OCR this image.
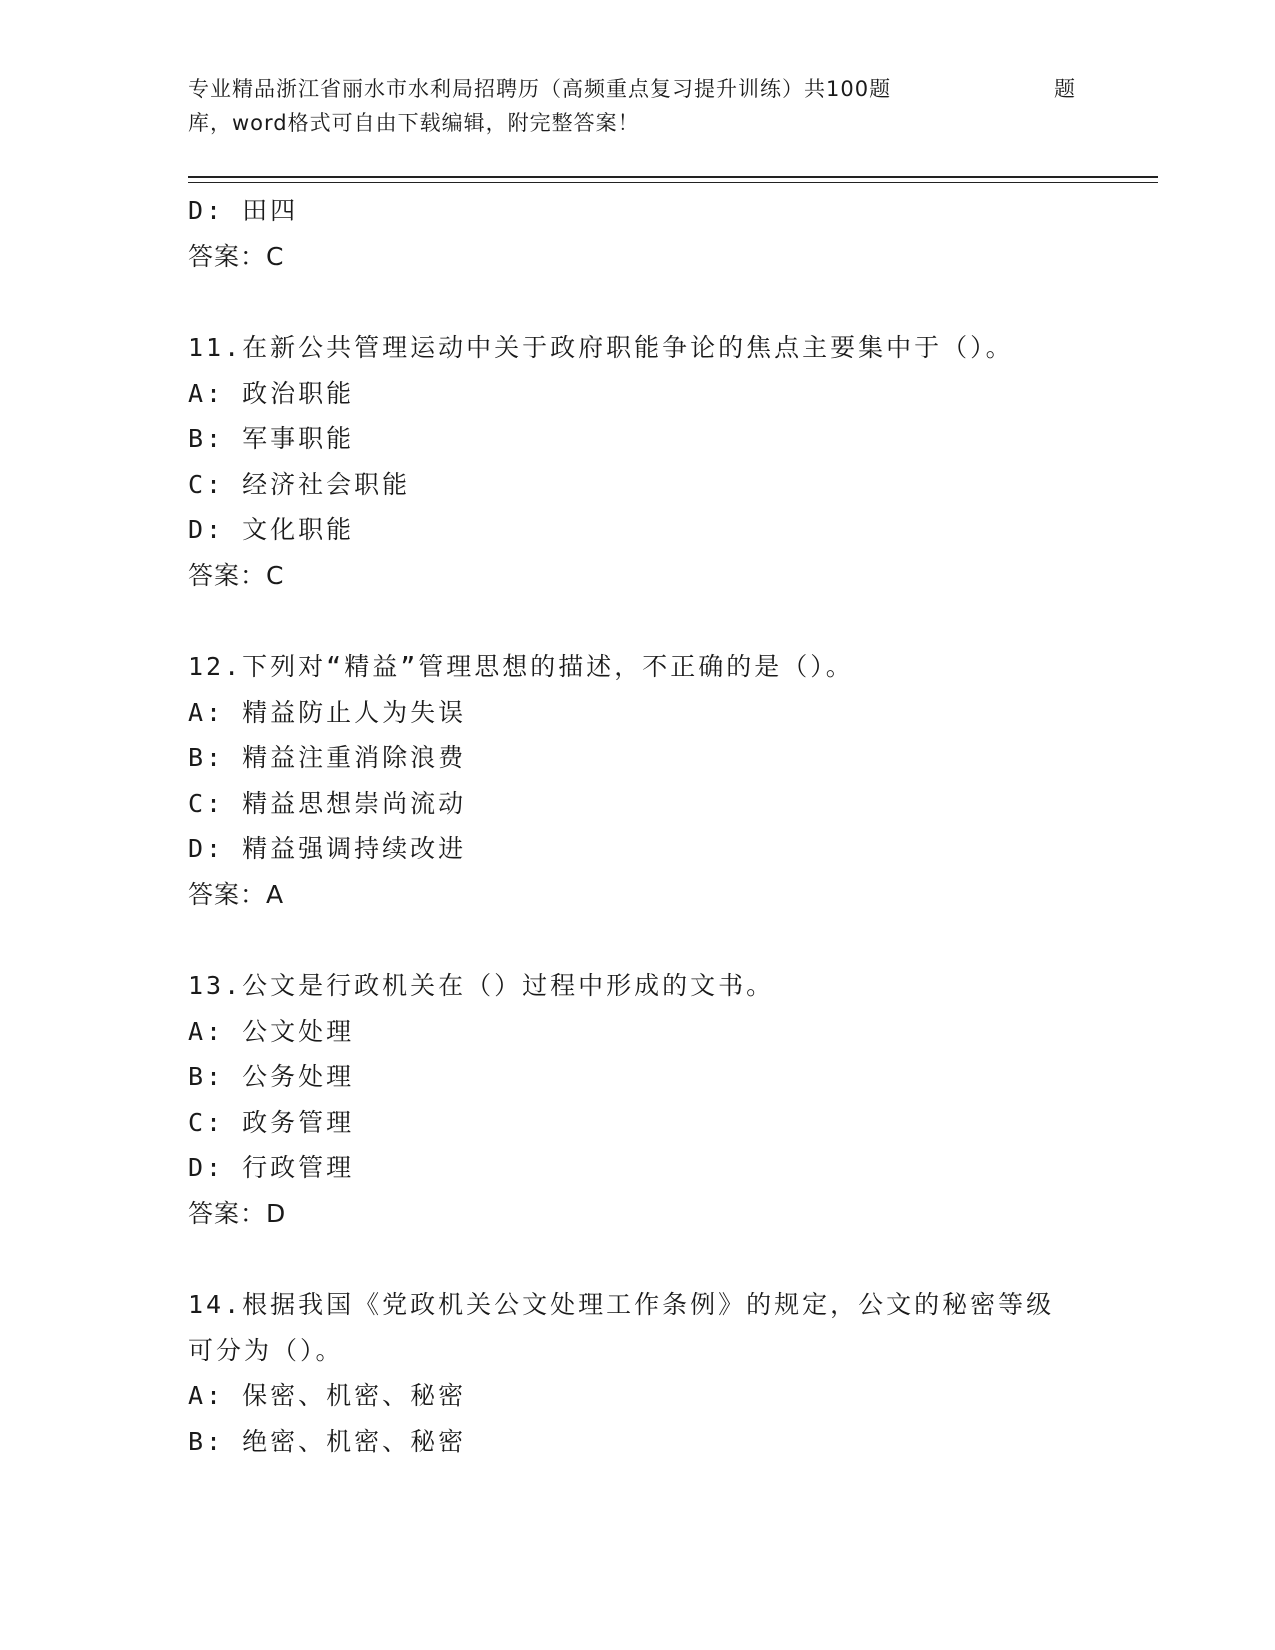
专业精品浙江省丽水市水利局招聘历（高频重点复习提升训练）共100题	题
库，word格式可自由下载编辑，附完整答案！

D: 田四

答案：C

11.在新公共管理运动中关于政府职能争论的焦点主要集中于（）。

A: 政治职能

B: 军事职能

C: 经济社会职能

D: 文化职能

答案：C

12.下列对“精益”管理思想的描述，不正确的是（）。

A: 精益防止人为失误

B: 精益注重消除浪费

C: 精益思想崇尚流动

D: 精益强调持续改进

答案：A

13.公文是行政机关在（）过程中形成的文书。

A: 公文处理

B: 公务处理

C: 政务管理

D: 行政管理

答案：D

14.根据我国《党政机关公文处理工作条例》的规定，公文的秘密等级

可分为（）。

A: 保密、机密、秘密

B: 绝密、机密、秘密
